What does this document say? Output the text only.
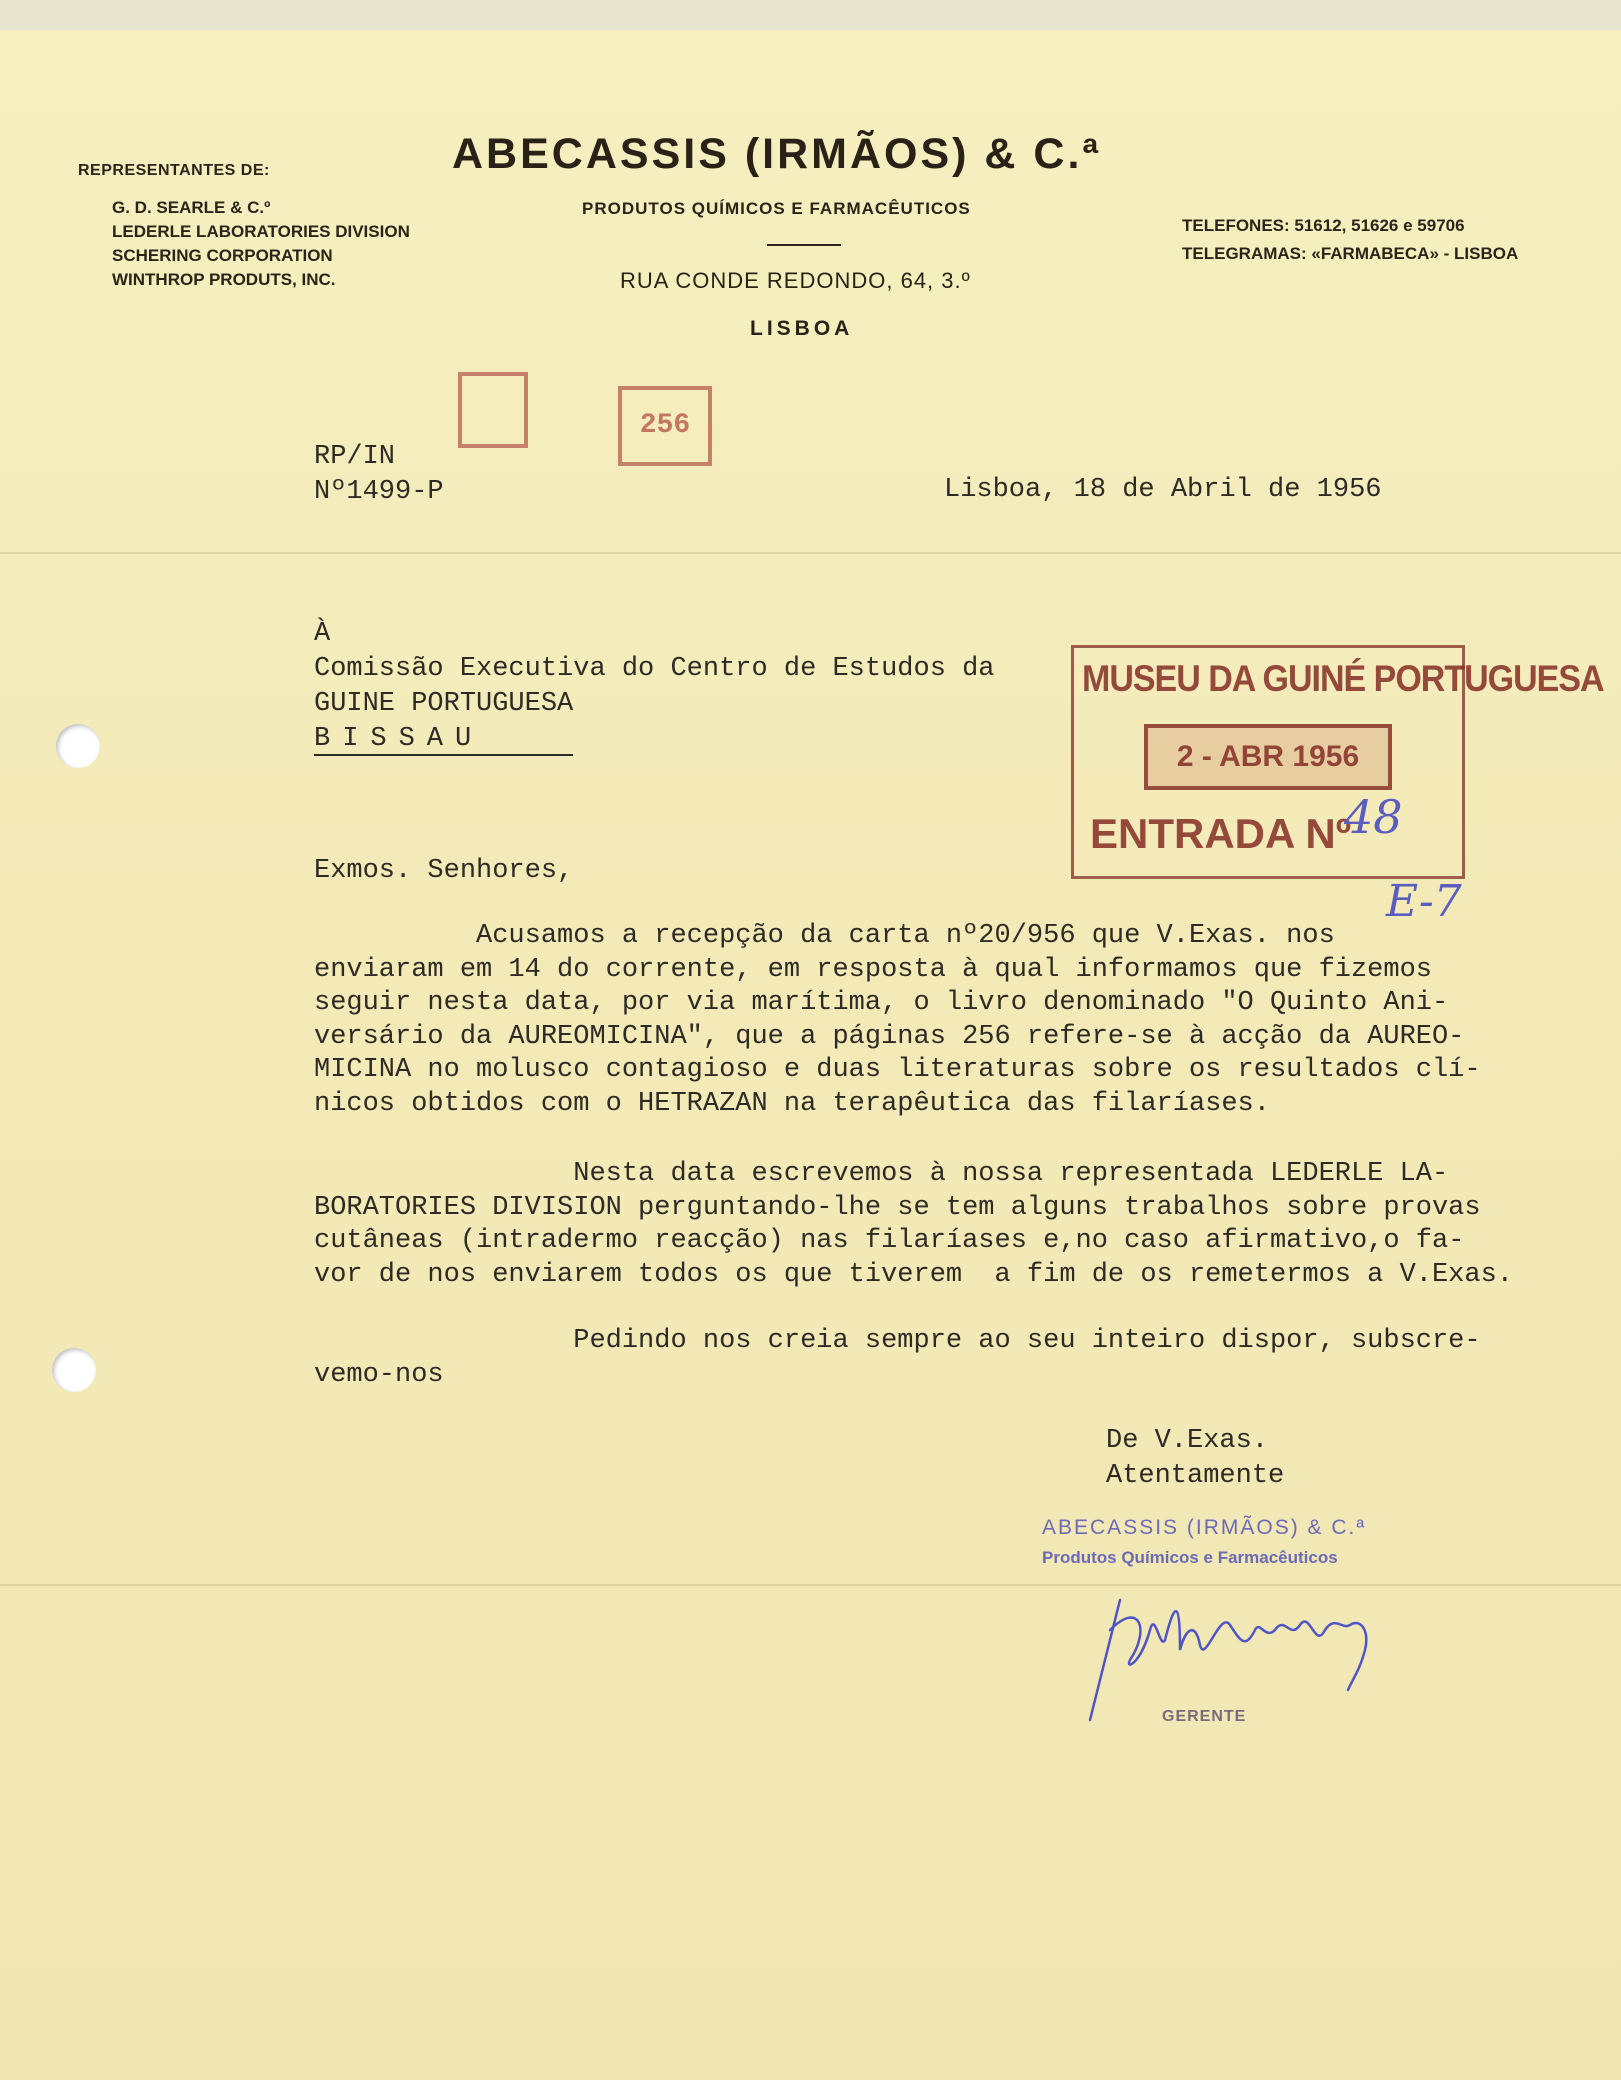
REPRESENTANTES DE:
G. D. SEARLE & C.º
LEDERLE LABORATORIES DIVISION
SCHERING CORPORATION
WINTHROP PRODUTS, INC.
ABECASSIS (IRMÃOS) & C.ª
PRODUTOS QUÍMICOS E FARMACÊUTICOS
RUA CONDE REDONDO, 64, 3.º
LISBOA
TELEFONES: 51612, 51626 e 59706
TELEGRAMAS: «FARMABECA» - LISBOA
256
RP/IN
Nº1499-P	Lisboa, 18 de Abril de 1956
À
Comissão Executiva do Centro de Estudos da
GUINE PORTUGUESA
BISSAU
MUSEU DA GUINÉ PORTUGUESA
2 - ABR 1956
ENTRADA Nº
48
E-7
Exmos. Senhores,
Acusamos a recepção da carta nº20/956 que V.Exas. nos
enviaram em 14 do corrente, em resposta à qual informamos que fizemos
seguir nesta data, por via marítima, o livro denominado "O Quinto Ani-
versário da AUREOMICINA", que a páginas 256 refere-se à acção da AUREO-
MICINA no molusco contagioso e duas literaturas sobre os resultados clí-
nicos obtidos com o HETRAZAN na terapêutica das filaríases.
Nesta data escrevemos à nossa representada LEDERLE LA-
BORATORIES DIVISION perguntando-lhe se tem alguns trabalhos sobre provas
cutâneas (intradermo reacção) nas filaríases e,no caso afirmativo,o fa-
vor de nos enviarem todos os que tiverem  a fim de os remetermos a V.Exas.
Pedindo nos creia sempre ao seu inteiro dispor, subscre-
vemo-nos
De V.Exas.
Atentamente
ABECASSIS (IRMÃOS) & C.ª
Produtos Químicos e Farmacêuticos
GERENTE
